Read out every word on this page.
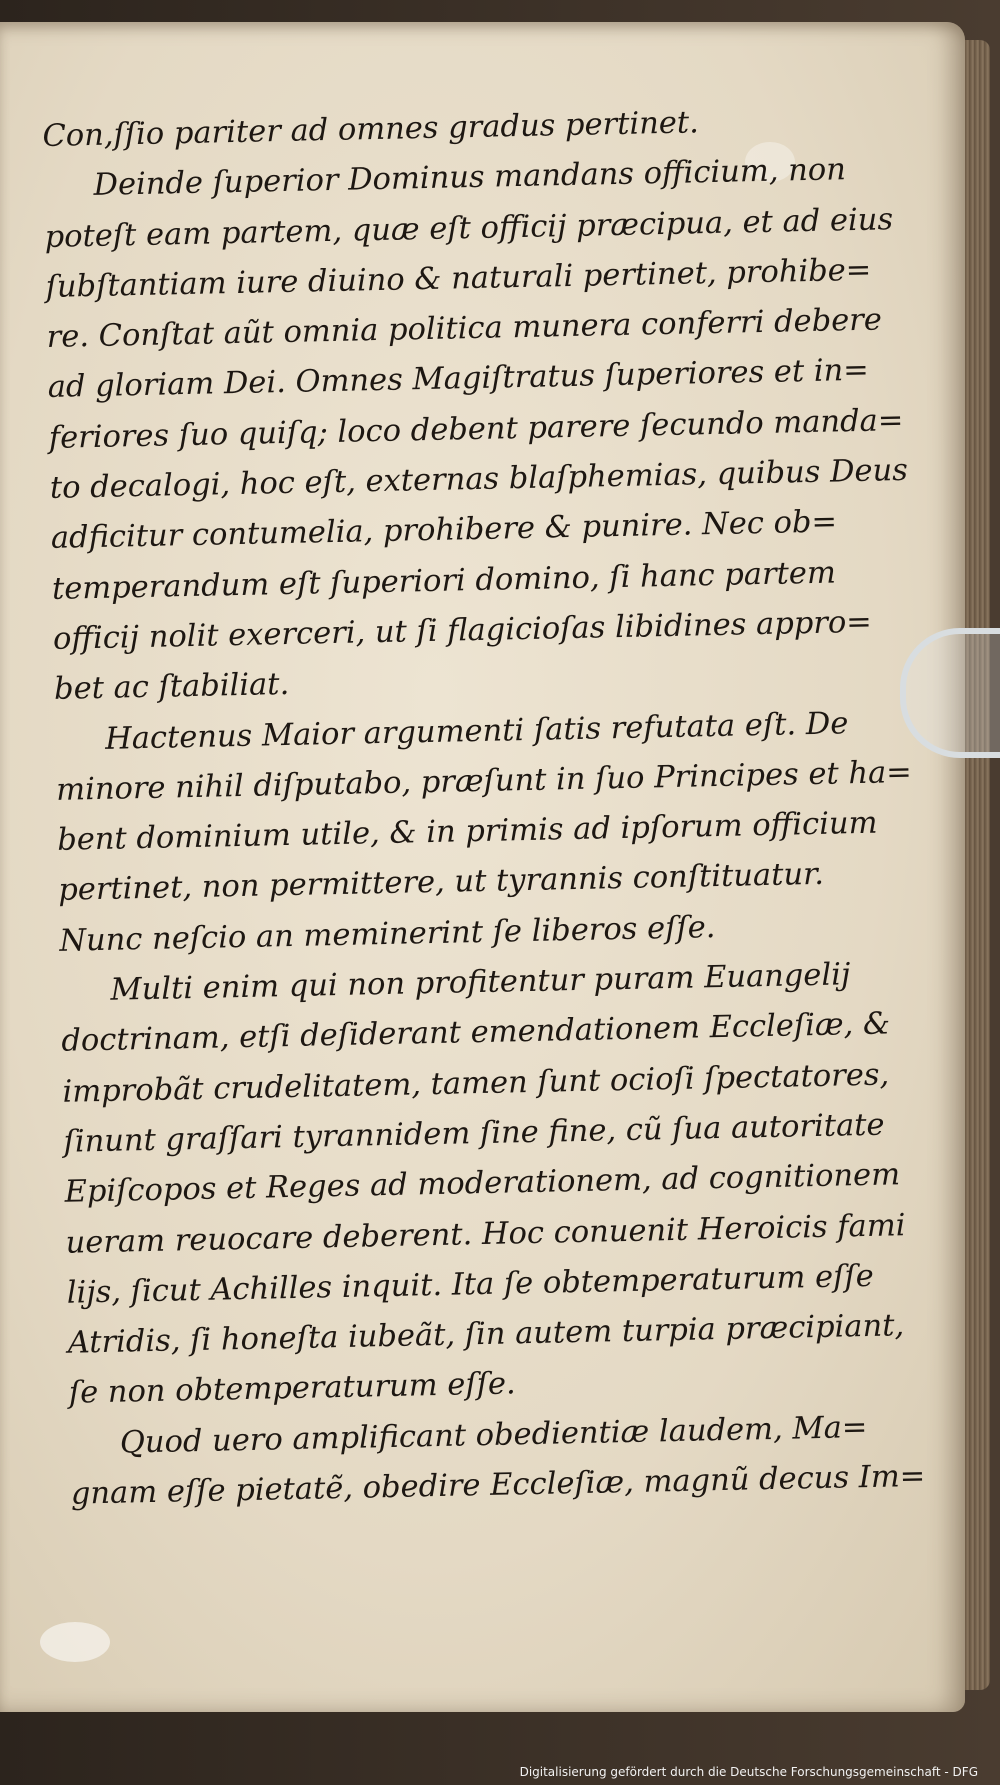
Con,ſſio pariter ad omnes gradus pertinet.
Deinde ſuperior Dominus mandans officium, non
poteſt eam partem, quæ eſt officij præcipua, et ad eius
ſubſtantiam iure diuino & naturali pertinet, prohibe=
re. Conſtat aũt omnia politica munera conferri debere
ad gloriam Dei. Omnes Magiſtratus ſuperiores et in=
feriores ſuo quiſq; loco debent parere ſecundo manda=
to decalogi, hoc eſt, externas blaſphemias, quibus Deus
adficitur contumelia, prohibere & punire. Nec ob=
temperandum eſt ſuperiori domino, ſi hanc partem
officij nolit exerceri, ut ſi flagicioſas libidines appro=
bet ac ſtabiliat.
Hactenus Maior argumenti ſatis refutata eſt. De
minore nihil diſputabo, præſunt in ſuo Principes et ha=
bent dominium utile, & in primis ad ipſorum officium
pertinet, non permittere, ut tyrannis conſtituatur.
Nunc neſcio an meminerint ſe liberos eſſe.
Multi enim qui non profitentur puram Euangelij
doctrinam, etſi deſiderant emendationem Eccleſiæ, &
improbãt crudelitatem, tamen ſunt ocioſi ſpectatores,
ſinunt graſſari tyrannidem ſine fine, cũ ſua autoritate
Epiſcopos et Reges ad moderationem, ad cognitionem
ueram reuocare deberent. Hoc conuenit Heroicis fami
lijs, ſicut Achilles inquit. Ita ſe obtemperaturum eſſe
Atridis, ſi honeſta iubeãt, ſin autem turpia præcipiant,
ſe non obtemperaturum eſſe.
Quod uero amplificant obedientiæ laudem, Ma=
gnam eſſe pietatẽ, obedire Eccleſiæ, magnũ decus Im=
Digitalisierung gefördert durch die Deutsche Forschungsgemeinschaft - DFG
